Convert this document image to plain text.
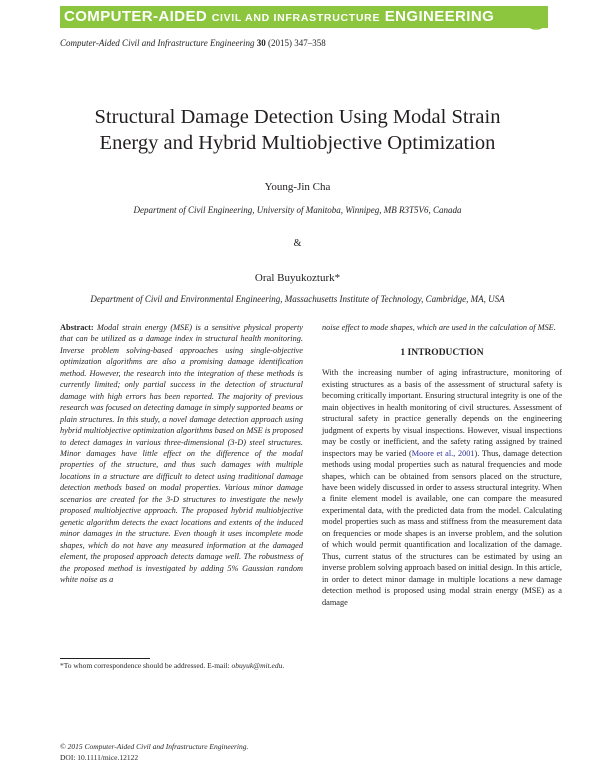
COMPUTER-AIDED CIVIL AND INFRASTRUCTURE ENGINEERING
Computer-Aided Civil and Infrastructure Engineering 30 (2015) 347–358
Structural Damage Detection Using Modal Strain
Energy and Hybrid Multiobjective Optimization
Young-Jin Cha
Department of Civil Engineering, University of Manitoba, Winnipeg, MB R3T5V6, Canada
&
Oral Buyukozturk*
Department of Civil and Environmental Engineering, Massachusetts Institute of Technology, Cambridge, MA, USA
Abstract: Modal strain energy (MSE) is a sensitive physical property that can be utilized as a damage index in structural health monitoring. Inverse problem solving-based approaches using single-objective optimization algorithms are also a promising damage identification method. However, the research into the integration of these methods is currently limited; only partial success in the detection of structural damage with high errors has been reported. The majority of previous research was focused on detecting damage in simply supported beams or plain structures. In this study, a novel damage detection approach using hybrid multiobjective optimization algorithms based on MSE is proposed to detect damages in various three-dimensional (3-D) steel structures. Minor damages have little effect on the difference of the modal properties of the structure, and thus such damages with multiple locations in a structure are difficult to detect using traditional damage detection methods based on modal properties. Various minor damage scenarios are created for the 3-D structures to investigate the newly proposed multiobjective approach. The proposed hybrid multiobjective genetic algorithm detects the exact locations and extents of the induced minor damages in the structure. Even though it uses incomplete mode shapes, which do not have any measured information at the damaged element, the proposed approach detects damage well. The robustness of the proposed method is investigated by adding 5% Gaussian random white noise as a
noise effect to mode shapes, which are used in the calculation of MSE.
1 INTRODUCTION
With the increasing number of aging infrastructure, monitoring of existing structures as a basis of the assessment of structural safety is becoming critically important. Ensuring structural integrity is one of the main objectives in health monitoring of civil structures. Assessment of structural safety in practice generally depends on the engineering judgment of experts by visual inspections. However, visual inspections may be costly or inefficient, and the safety rating assigned by trained inspectors may be varied (Moore et al., 2001). Thus, damage detection methods using modal properties such as natural frequencies and mode shapes, which can be obtained from sensors placed on the structure, have been widely discussed in order to assess structural integrity. When a finite element model is available, one can compare the measured experimental data, with the predicted data from the model. Calculating model properties such as mass and stiffness from the measurement data on frequencies or mode shapes is an inverse problem, and the solution of which would permit quantification and localization of the damage. Thus, current status of the structures can be estimated by using an inverse problem solving approach based on initial design. In this article, in order to detect minor damage in multiple locations a new damage detection method is proposed using modal strain energy (MSE) as a damage
*To whom correspondence should be addressed. E-mail: obuyuk@mit.edu.
© 2015 Computer-Aided Civil and Infrastructure Engineering.
DOI: 10.1111/mice.12122
